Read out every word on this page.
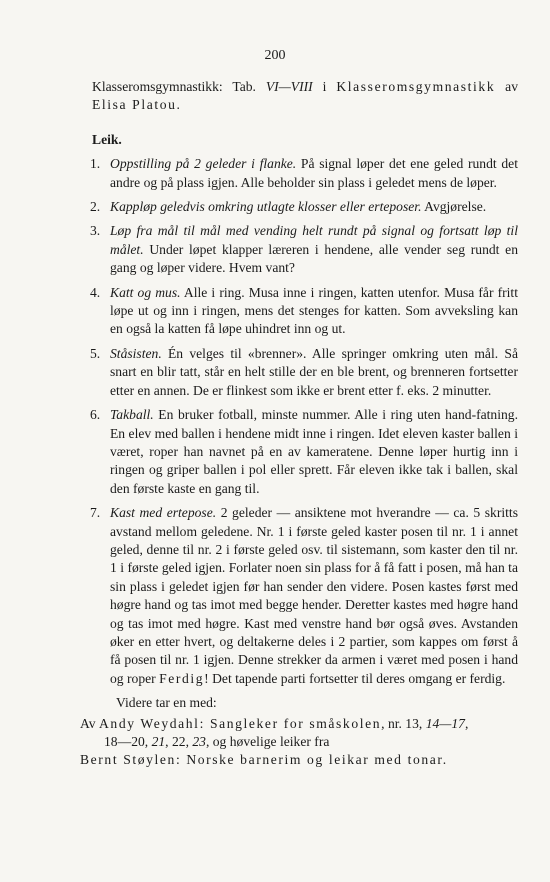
200

Klasseromsgymnastikk: Tab. VI—VIII i Klasseromsgymnastikk av Elisa Platou.

Leik.
1. Oppstilling på 2 geleder i flanke. På signal løper det ene geled rundt det andre og på plass igjen. Alle beholder sin plass i geledet mens de løper.
2. Kappløp geledvis omkring utlagte klosser eller erteposer. Avgjørelse.
3. Løp fra mål til mål med vending helt rundt på signal og fortsatt løp til målet. Under løpet klapper læreren i hendene, alle vender seg rundt en gang og løper videre. Hvem vant?
4. Katt og mus. Alle i ring. Musa inne i ringen, katten utenfor. Musa får fritt løpe ut og inn i ringen, mens det stenges for katten. Som avveksling kan en også la katten få løpe uhindret inn og ut.
5. Ståsisten. Én velges til «brenner». Alle springer omkring uten mål. Så snart en blir tatt, står en helt stille der en ble brent, og brenneren fortsetter etter en annen. De er flinkest som ikke er brent etter f. eks. 2 minutter.
6. Takball. En bruker fotball, minste nummer. Alle i ring uten hand-fatning. En elev med ballen i hendene midt inne i ringen. Idet eleven kaster ballen i været, roper han navnet på en av kameratene. Denne løper hurtig inn i ringen og griper ballen i pol eller sprett. Får eleven ikke tak i ballen, skal den første kaste en gang til.
7. Kast med ertepose. 2 geleder — ansiktene mot hverandre — ca. 5 skritts avstand mellom geledene. Nr. 1 i første geled kaster posen til nr. 1 i annet geled, denne til nr. 2 i første geled osv. til sistemann, som kaster den til nr. 1 i første geled igjen. Forlater noen sin plass for å få fatt i posen, må han ta sin plass i geledet igjen før han sender den videre. Posen kastes først med høgre hand og tas imot med begge hender. Deretter kastes med høgre hand og tas imot med høgre. Kast med venstre hand bør også øves. Avstanden øker en etter hvert, og deltakerne deles i 2 partier, som kappes om først å få posen til nr. 1 igjen. Denne strekker da armen i været med posen i hand og roper Ferdig! Det tapende parti fortsetter til deres omgang er ferdig.

Videre tar en med:

Av Andy Weydahl: Sangleker for småskolen, nr. 13, 14—17,

18—20, 21, 22, 23, og høvelige leiker fra

Bernt Støylen: Norske barnerim og leikar med tonar.
